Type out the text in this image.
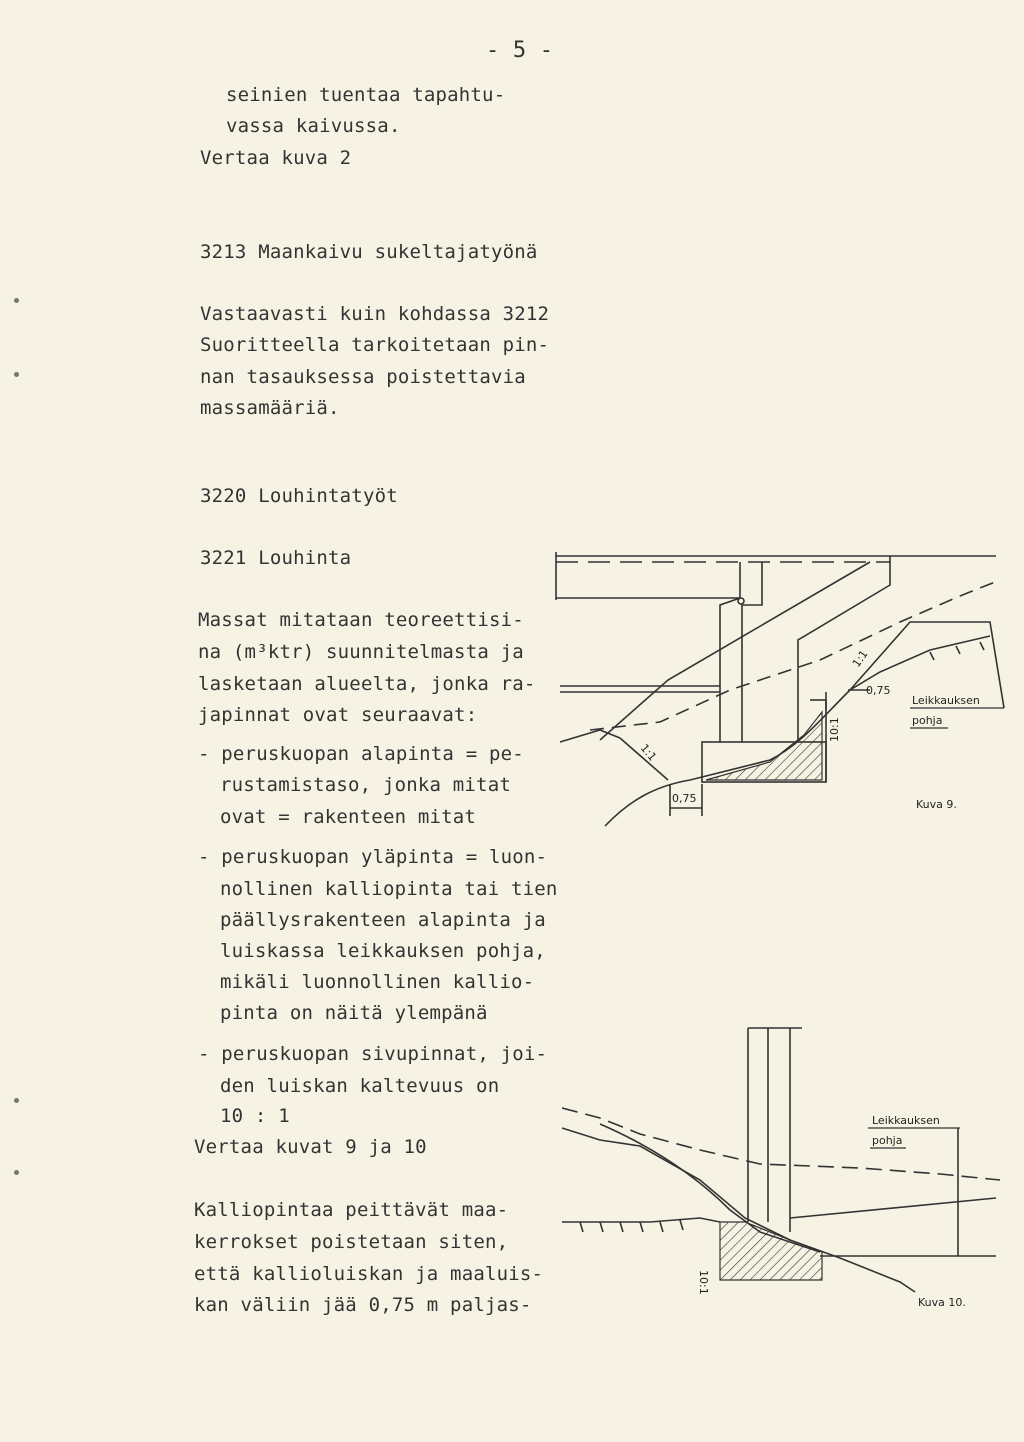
- 5 -
seinien tuentaa tapahtu-
vassa kaivussa.
Vertaa kuva 2
3213 Maankaivu sukeltajatyönä
Vastaavasti kuin kohdassa 3212
Suoritteella tarkoitetaan pin-
nan tasauksessa poistettavia
massamääriä.
3220 Louhintatyöt
3221 Louhinta
Massat mitataan teoreettisi-
na (m³ktr) suunnitelmasta ja
lasketaan alueelta, jonka ra-
japinnat ovat seuraavat:
- peruskuopan alapinta = pe-
rustamistaso, jonka mitat
ovat = rakenteen mitat
- peruskuopan yläpinta = luon-
nollinen kalliopinta tai tien
päällysrakenteen alapinta ja
luiskassa leikkauksen pohja,
mikäli luonnollinen kallio-
pinta on näitä ylempänä
- peruskuopan sivupinnat, joi-
den luiskan kaltevuus on
10 : 1
Vertaa kuvat 9 ja 10
Kalliopintaa peittävät maa-
kerrokset poistetaan siten,
että kallioluiskan ja maaluis-
kan väliin jää 0,75 m paljas-
Leikkauksen
pohja
1:1
1:1
10:1
0,75
0,75	Kuva 9.
Leikkauksen
pohja
10:1
Kuva 10.
